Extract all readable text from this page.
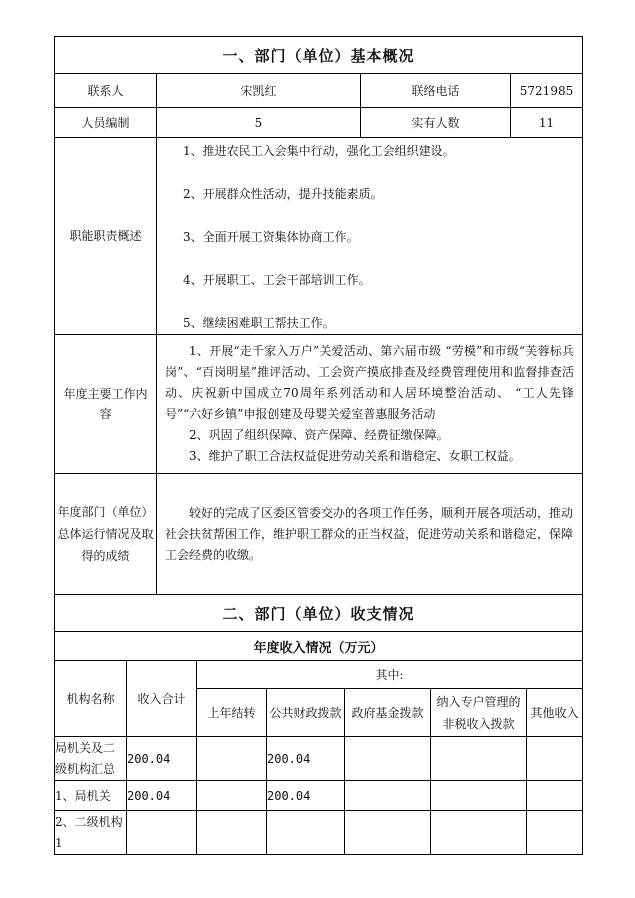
一、部门（单位）基本概况			
联系人	宋凯红	联络电话	5721985
人员编制	5	实有人数	11
职能职责概述	1、推进农民工入会集中行动，强化工会组织建设。

2、开展群众性活动，提升技能素质。

3、全面开展工资集体协商工作。

4、开展职工、工会干部培训工作。

5、继续困难职工帮扶工作。		

年度主要工作内容	1、开展“走千家入万户”关爱活动、第六届市级 “劳模”和市级“芙蓉标兵岗”、“百岗明星”推评活动、工会资产摸底排查及经费管理使用和监督排查活动、庆祝新中国成立70周年系列活动和人居环境整治活动、 “工人先锋号”“六好乡镇”申报创建及母婴关爱室普惠服务活动

2、巩固了组织保障、资产保障、经费征缴保障。

3、维护了职工合法权益促进劳动关系和谐稳定、女职工权益。		

年度部门（单位）总体运行情况及取得的成绩	较好的完成了区委区管委交办的各项工作任务，顺利开展各项活动，推动社会扶贫帮困工作，维护职工群众的正当权益，促进劳动关系和谐稳定，保障工会经费的收缴。		

二、部门（单位）收支情况						
年度收入情况（万元）						
机构名称	收入合计	其中:				
		上年结转	公共财政拨款	政府基金拨款	纳入专户管理的非税收入拨款	其他收入
局机关及二级机构汇总	200.04		200.04			
1、局机关	200.04		200.04			
2、二级机构1						
